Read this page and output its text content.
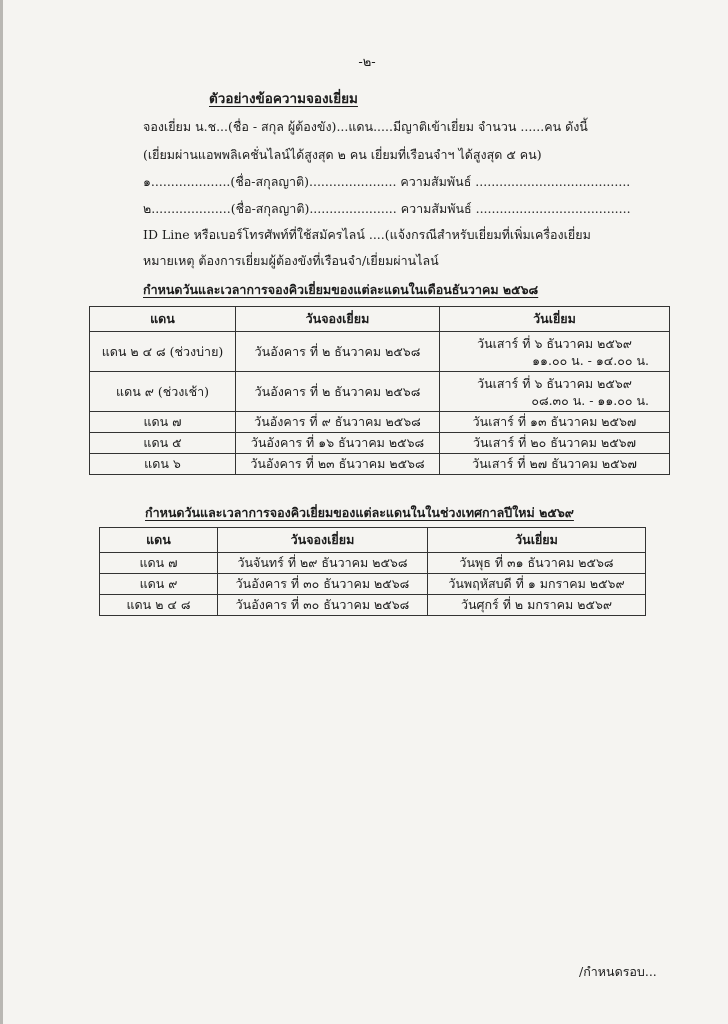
-๒-
ตัวอย่างข้อความจองเยี่ยม
จองเยี่ยม น.ช...(ชื่อ - สกุล ผู้ต้องขัง)...แดน.....มีญาติเข้าเยี่ยม จำนวน ......คน ดังนี้
(เยี่ยมผ่านแอพพลิเคชั่นไลน์ได้สูงสุด ๒ คน เยี่ยมที่เรือนจำฯ ได้สูงสุด ๕ คน)
๑....................(ชื่อ-สกุลญาติ)...................... ความสัมพันธ์ .......................................
๒....................(ชื่อ-สกุลญาติ)...................... ความสัมพันธ์ .......................................
ID Line หรือเบอร์โทรศัพท์ที่ใช้สมัครไลน์ ....(แจ้งกรณีสำหรับเยี่ยมที่เพิ่มเครื่องเยี่ยม
หมายเหตุ ต้องการเยี่ยมผู้ต้องขังที่เรือนจำ/เยี่ยมผ่านไลน์
กำหนดวันและเวลาการจองคิวเยี่ยมของแต่ละแดนในเดือนธันวาคม ๒๕๖๘
แดน	วันจองเยี่ยม	วันเยี่ยม
แดน ๒ ๔ ๘ (ช่วงบ่าย)	วันอังคาร ที่ ๒ ธันวาคม ๒๕๖๘	วันเสาร์ ที่ ๖ ธันวาคม ๒๕๖๙
๑๑.๐๐ น. - ๑๔.๐๐ น.

แดน ๙ (ช่วงเช้า)	วันอังคาร ที่ ๒ ธันวาคม ๒๕๖๘	วันเสาร์ ที่ ๖ ธันวาคม ๒๕๖๙
๐๘.๓๐ น. - ๑๑.๐๐ น.

แดน ๗	วันอังคาร ที่ ๙ ธันวาคม ๒๕๖๘	วันเสาร์ ที่ ๑๓ ธันวาคม ๒๕๖๗
แดน ๕	วันอังคาร ที่ ๑๖ ธันวาคม ๒๕๖๘	วันเสาร์ ที่ ๒๐ ธันวาคม ๒๕๖๗
แดน ๖	วันอังคาร ที่ ๒๓ ธันวาคม ๒๕๖๘	วันเสาร์ ที่ ๒๗ ธันวาคม ๒๕๖๗
กำหนดวันและเวลาการจองคิวเยี่ยมของแต่ละแดนในในช่วงเทศกาลปีใหม่ ๒๕๖๙
แดน	วันจองเยี่ยม	วันเยี่ยม
แดน ๗	วันจันทร์ ที่ ๒๙ ธันวาคม ๒๕๖๘	วันพุธ ที่ ๓๑ ธันวาคม ๒๕๖๘
แดน ๙	วันอังคาร ที่ ๓๐ ธันวาคม ๒๕๖๘	วันพฤหัสบดี ที่ ๑ มกราคม ๒๕๖๙
แดน ๒ ๔ ๘	วันอังคาร ที่ ๓๐ ธันวาคม ๒๕๖๘	วันศุกร์ ที่ ๒ มกราคม ๒๕๖๙
/กำหนดรอบ...
